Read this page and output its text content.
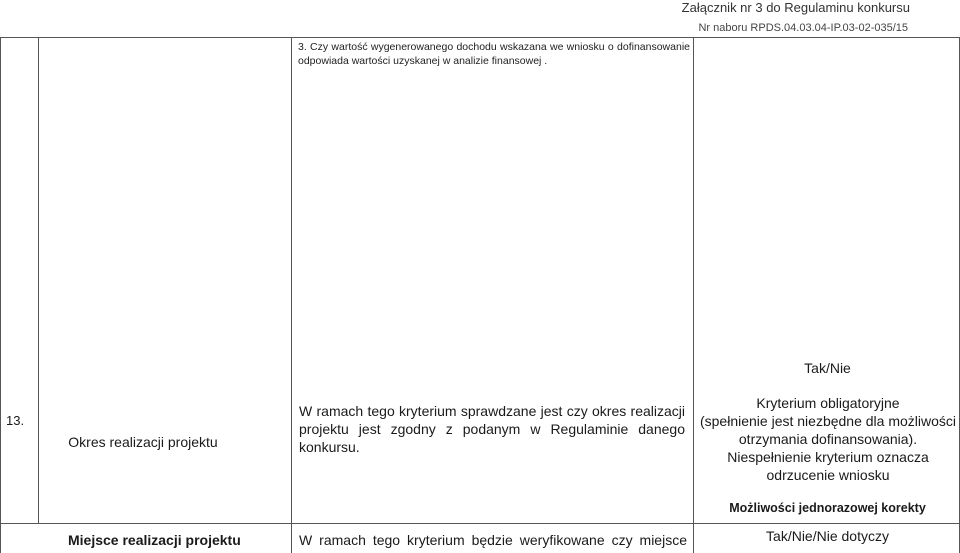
Załącznik nr 3 do Regulaminu konkursu
Nr naboru RPDS.04.03.04-IP.03-02-035/15
3. Czy wartość wygenerowanego dochodu wskazana we wniosku o dofinansowanie odpowiada wartości uzyskanej w analizie finansowej .
13.
Okres realizacji projektu
W ramach tego kryterium sprawdzane jest czy okres realizacji projektu jest zgodny z podanym w Regulaminie danego konkursu.
Tak/Nie
Kryterium obligatoryjne
(spełnienie jest niezbędne dla możliwości
otrzymania dofinansowania).
Niespełnienie kryterium oznacza
odrzucenie wniosku
Możliwości jednorazowej korekty
Miejsce realizacji projektu	W ramach tego kryterium będzie weryfikowane czy miejsce	Tak/Nie/Nie dotyczy
